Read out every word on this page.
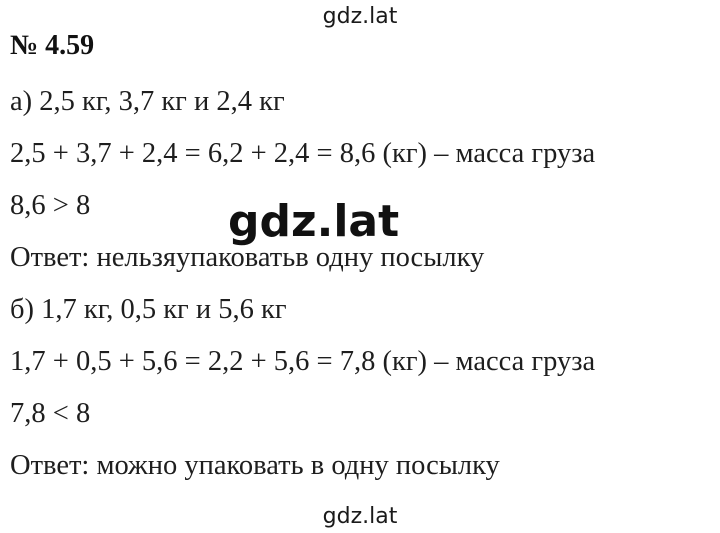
gdz.lat
№ 4.59
а) 2,5 кг, 3,7 кг и 2,4 кг
2,5 + 3,7 + 2,4 = 6,2 + 2,4 = 8,6 (кг) – масса груза
8,6 > 8
Ответ: нельзяупаковатьв одну посылку
б) 1,7 кг, 0,5 кг и 5,6 кг
1,7 + 0,5 + 5,6 = 2,2 + 5,6 = 7,8 (кг) – масса груза
7,8 < 8
Ответ: можно упаковать в одну посылку
gdz.lat
gdz.lat
